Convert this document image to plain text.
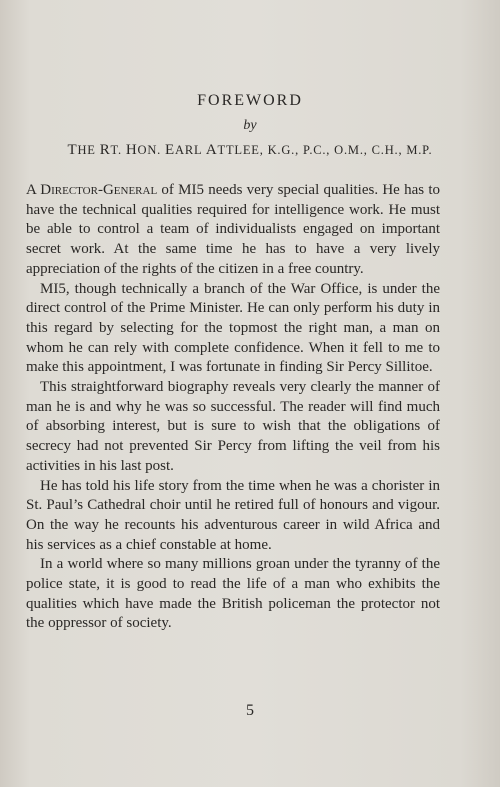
FOREWORD
by
THE RT. HON. EARL ATTLEE, K.G., P.C., O.M., C.H., M.P.

A Director-General of MI5 needs very special qualities. He has to have the technical qualities required for intelligence work. He must be able to control a team of individualists engaged on important secret work. At the same time he has to have a very lively appreciation of the rights of the citizen in a free country.

MI5, though technically a branch of the War Office, is under the direct control of the Prime Minister. He can only perform his duty in this regard by selecting for the topmost the right man, a man on whom he can rely with complete confidence. When it fell to me to make this appointment, I was fortunate in finding Sir Percy Sillitoe.

This straightforward biography reveals very clearly the manner of man he is and why he was so successful. The reader will find much of absorbing interest, but is sure to wish that the obligations of secrecy had not prevented Sir Percy from lifting the veil from his activities in his last post.

He has told his life story from the time when he was a chorister in St. Paul’s Cathedral choir until he retired full of honours and vigour. On the way he recounts his adventurous career in wild Africa and his services as a chief constable at home.

In a world where so many millions groan under the tyranny of the police state, it is good to read the life of a man who exhibits the qualities which have made the British policeman the protector not the oppressor of society.

5
